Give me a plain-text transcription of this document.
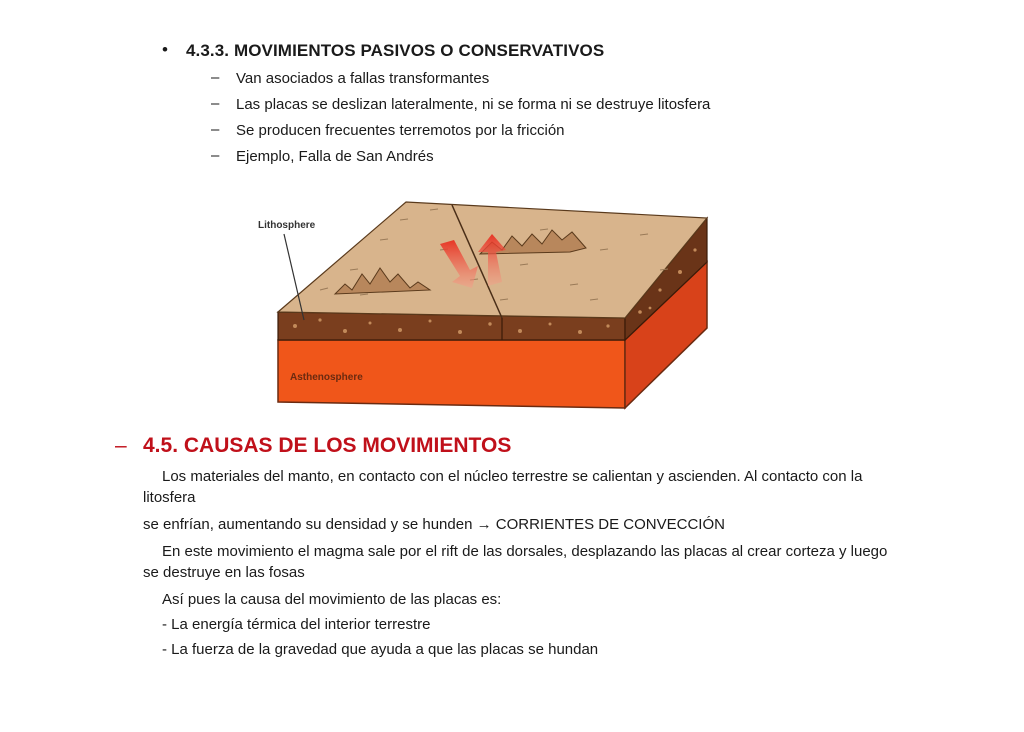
• 4.3.3. MOVIMIENTOS PASIVOS O CONSERVATIVOS
– Van asociados a fallas transformantes
– Las placas se deslizan lateralmente, ni se forma ni se destruye litosfera
– Se producen frecuentes terremotos por la fricción
– Ejemplo, Falla de San Andrés
Lithosphere
Asthenosphere
– 4.5. CAUSAS DE LOS MOVIMIENTOS
Los materiales del manto, en contacto con el núcleo terrestre se calientan y ascienden. Al contacto con la
litosfera
se enfrían, aumentando su densidad y se hunden → CORRIENTES DE CONVECCIÓN
En este movimiento el magma sale por el rift de las dorsales, desplazando las placas al crear corteza y luego
se destruye en las fosas
Así pues la causa del movimiento de las placas es:
- La energía térmica del interior terrestre
- La fuerza de la gravedad que ayuda a que las placas se hundan
